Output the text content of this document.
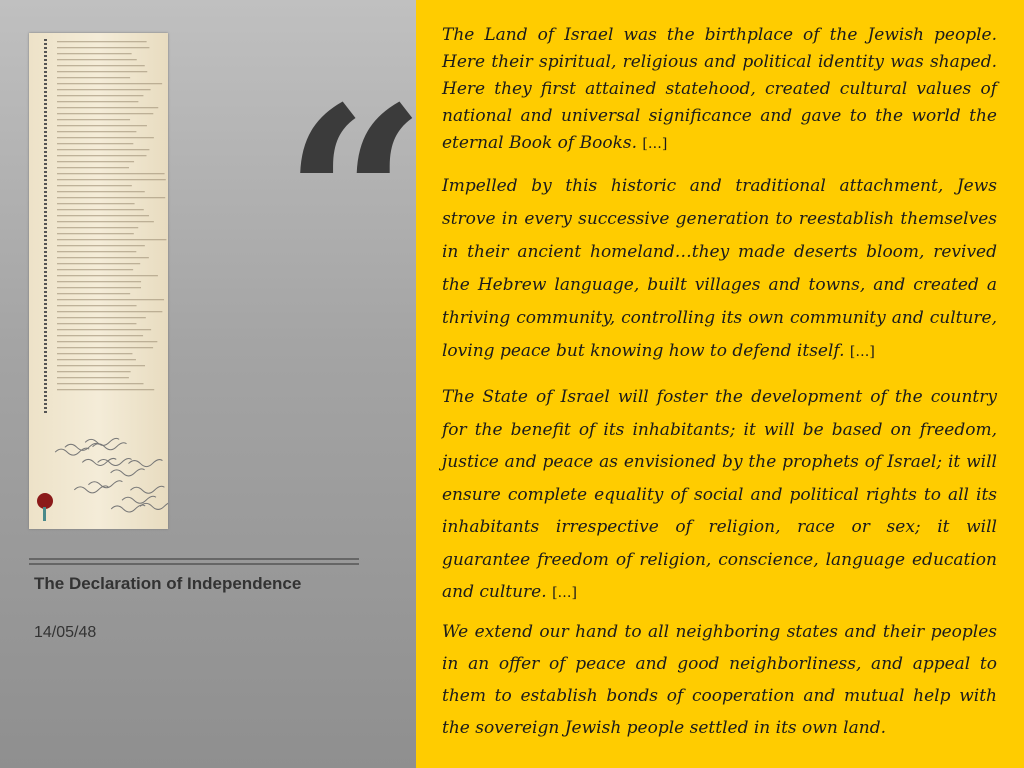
“
The Declaration of Independence
14/05/48

The Land of Israel was the birthplace of the Jewish people. Here their spiritual, religious and political identity was shaped. Here they first attained statehood, created cultural values of national and universal significance and gave to the world the eternal Book of Books. […]

Impelled by this historic and traditional attachment, Jews strove in every successive generation to reestablish themselves in their ancient homeland…they made deserts bloom, revived the Hebrew language, built villages and towns, and created a thriving community, controlling its own community and culture, loving peace but knowing how to defend itself. […]

The State of Israel will foster the development of the country for the benefit of its inhabitants; it will be based on freedom, justice and peace as envisioned by the prophets of Israel; it will ensure complete equality of social and political rights to all its inhabitants irrespective of religion, race or sex; it will guarantee freedom of religion, conscience, language education and culture. […]

We extend our hand to all neighboring states and their peoples in an offer of peace and good neighborliness, and appeal to them to establish bonds of cooperation and mutual help with the sovereign Jewish people settled in its own land.
